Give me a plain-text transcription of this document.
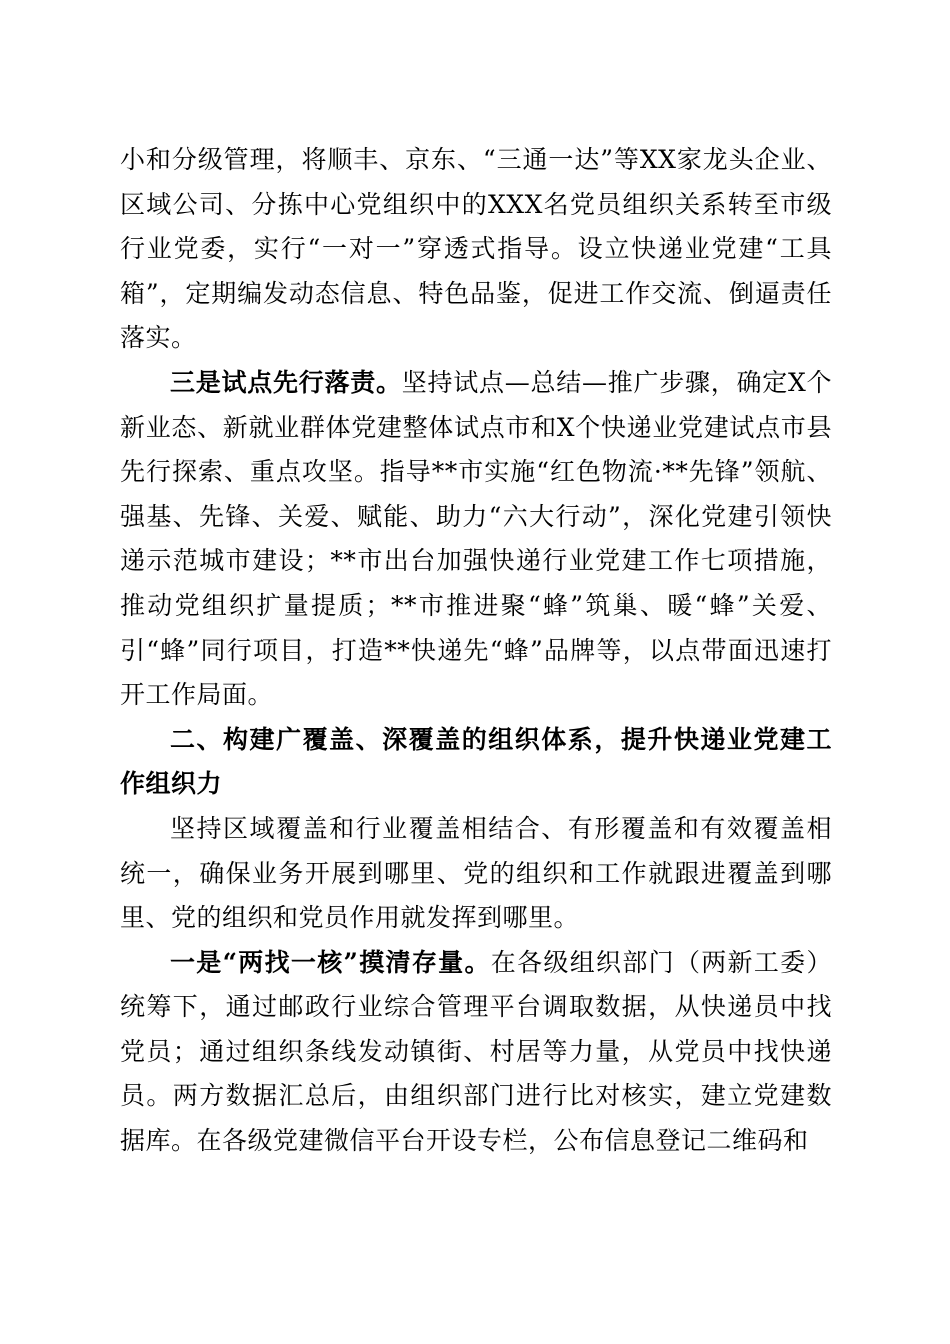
小和分级管理，将顺丰、京东、“三通一达”等XX家龙头企业、区域公司、分拣中心党组织中的XXX名党员组织关系转至市级行业党委，实行“一对一”穿透式指导。设立快递业党建“工具箱”，定期编发动态信息、特色品鉴，促进工作交流、倒逼责任落实。

三是试点先行落责。坚持试点—总结—推广步骤，确定X个新业态、新就业群体党建整体试点市和X个快递业党建试点市县先行探索、重点攻坚。指导**市实施“红色物流·**先锋”领航、强基、先锋、关爱、赋能、助力“六大行动”，深化党建引领快递示范城市建设；**市出台加强快递行业党建工作七项措施，推动党组织扩量提质；**市推进聚“蜂”筑巢、暖“蜂”关爱、引“蜂”同行项目，打造**快递先“蜂”品牌等，以点带面迅速打开工作局面。

二、构建广覆盖、深覆盖的组织体系，提升快递业党建工作组织力

坚持区域覆盖和行业覆盖相结合、有形覆盖和有效覆盖相统一，确保业务开展到哪里、党的组织和工作就跟进覆盖到哪里、党的组织和党员作用就发挥到哪里。

一是“两找一核”摸清存量。在各级组织部门（两新工委）统筹下，通过邮政行业综合管理平台调取数据，从快递员中找党员；通过组织条线发动镇街、村居等力量，从党员中找快递员。两方数据汇总后，由组织部门进行比对核实，建立党建数据库。在各级党建微信平台开设专栏，公布信息登记二维码和
